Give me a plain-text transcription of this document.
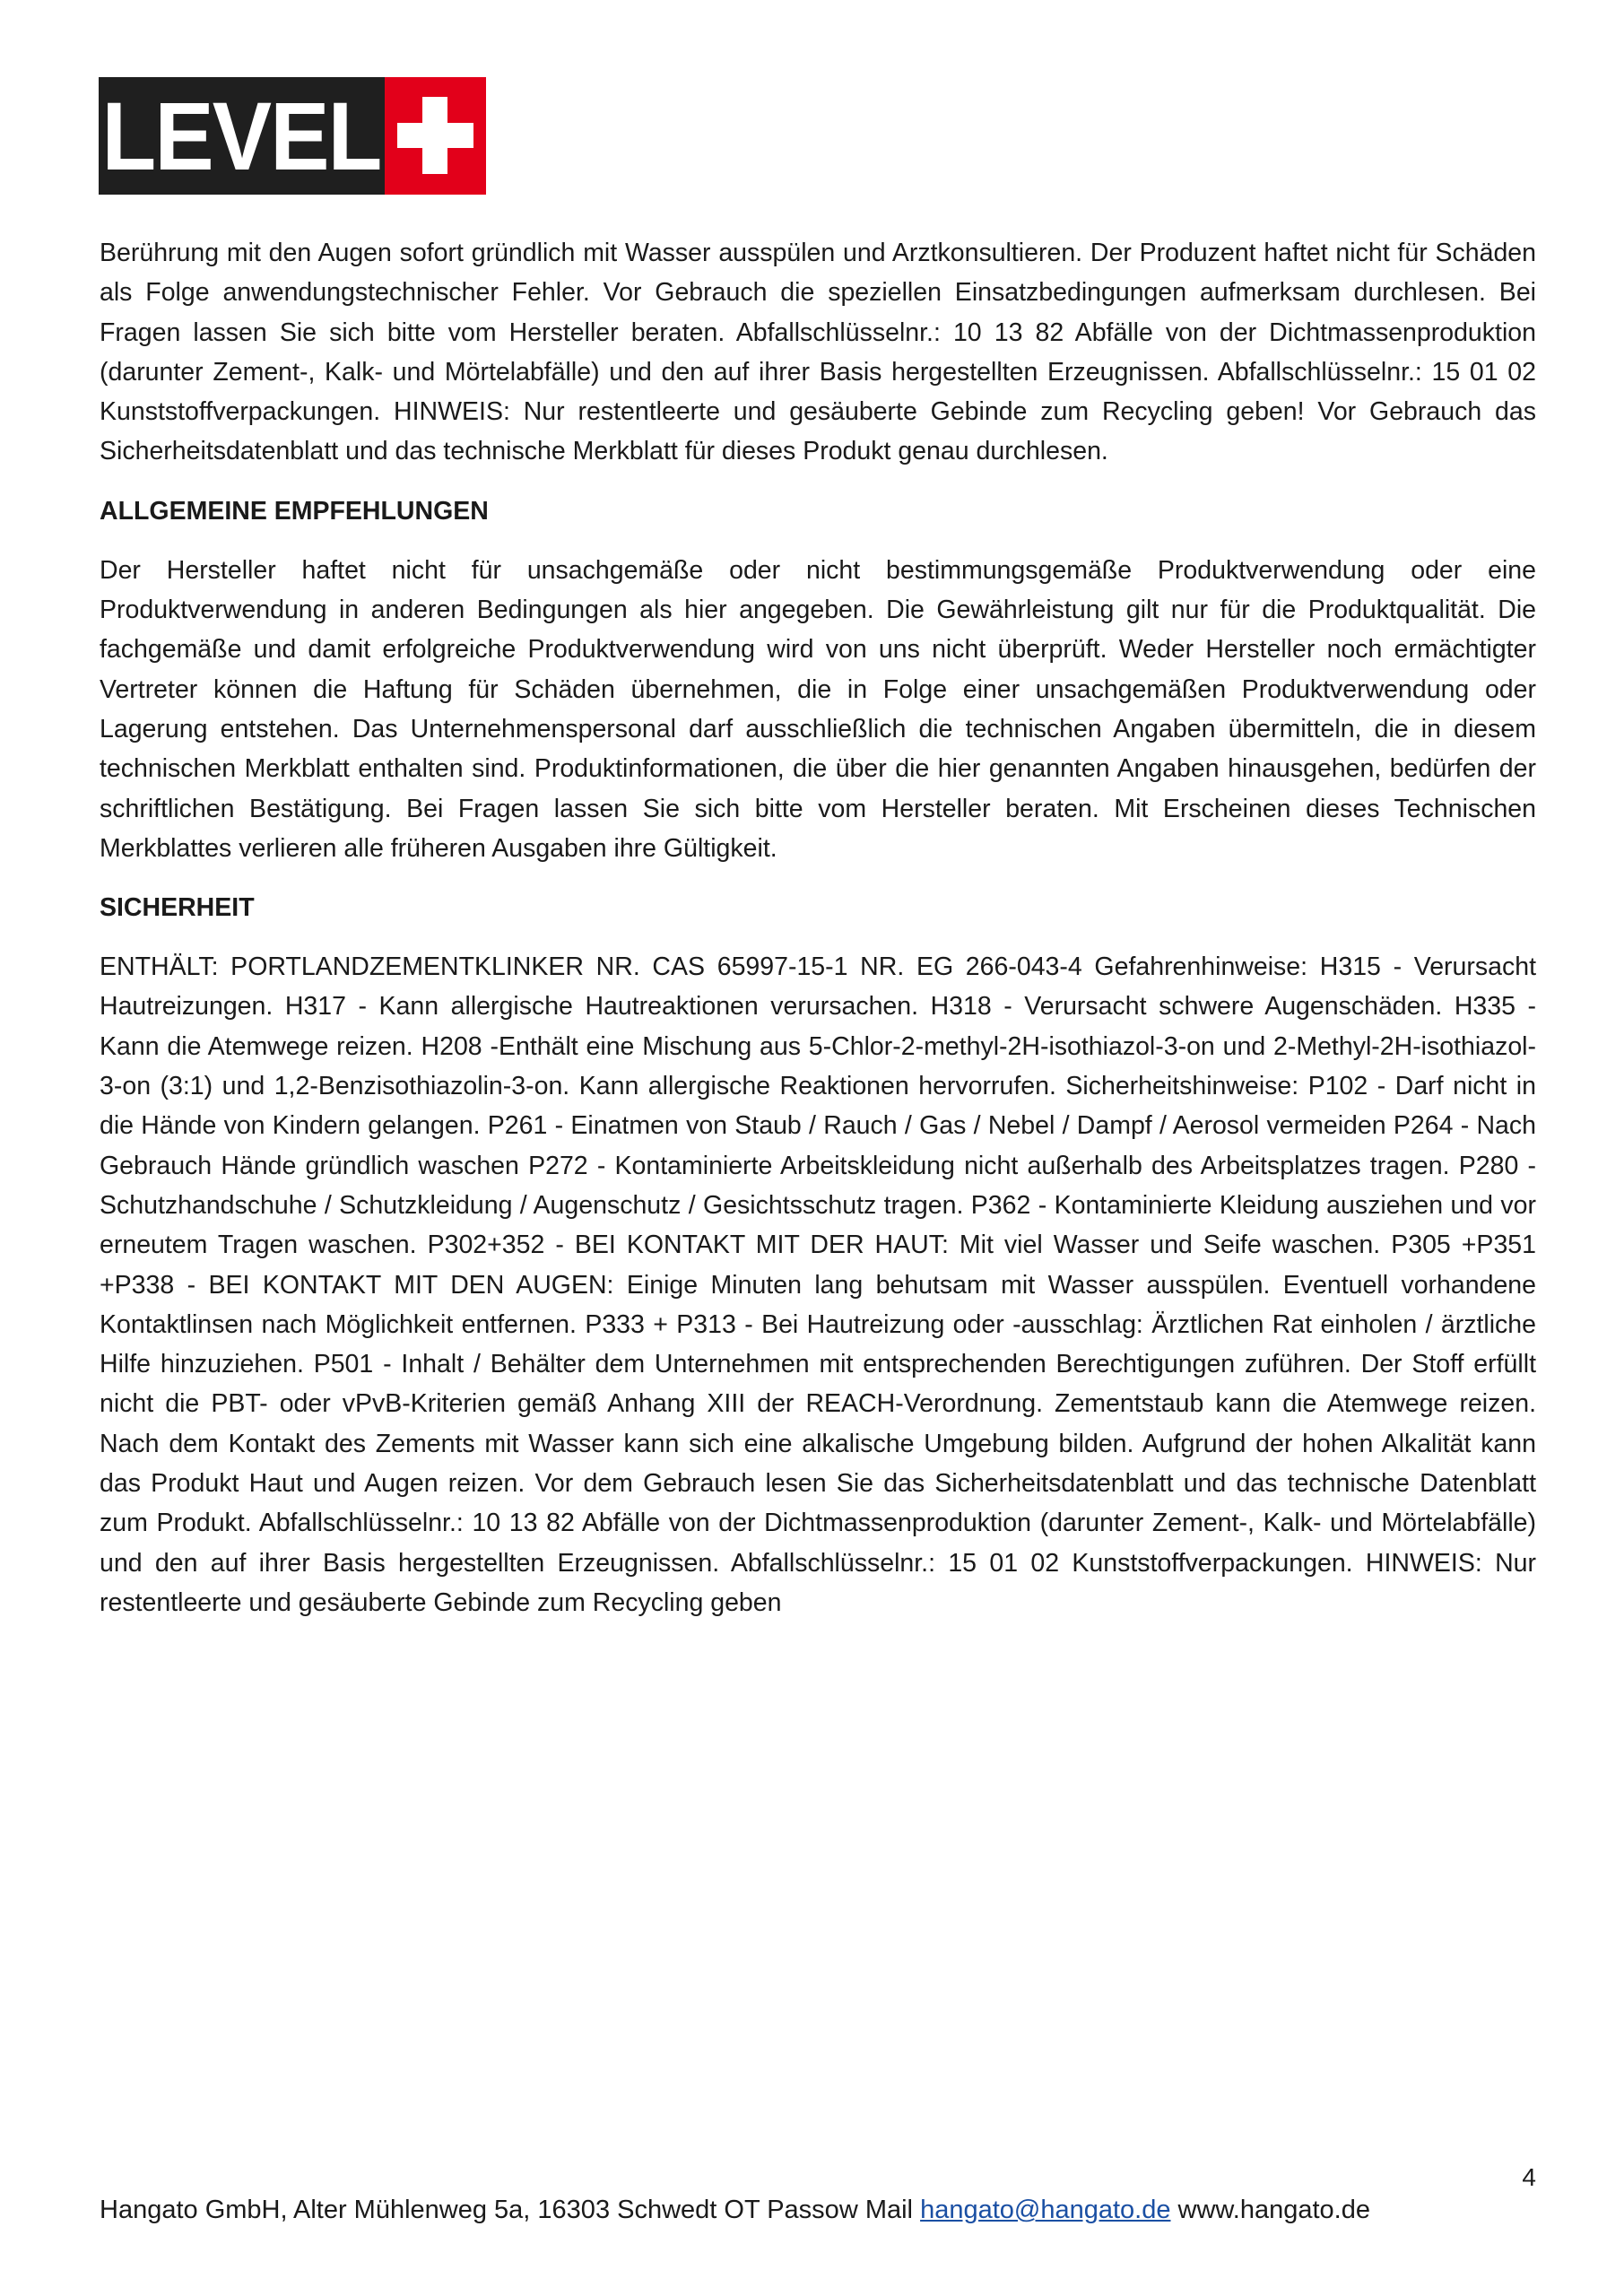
LEVEL

Berührung mit den Augen sofort gründlich mit Wasser ausspülen und Arztkonsultieren. Der Produzent haftet nicht für Schäden als Folge anwendungstechnischer Fehler. Vor Gebrauch die speziellen Einsatzbedingungen aufmerksam durchlesen. Bei Fragen lassen Sie sich bitte vom Hersteller beraten. Abfallschlüsselnr.: 10 13 82 Abfälle von der Dichtmassenproduktion (darunter Zement-, Kalk- und Mörtelabfälle) und den auf ihrer Basis hergestellten Erzeugnissen. Abfallschlüsselnr.: 15 01 02 Kunststoffverpackungen. HINWEIS: Nur restentleerte und gesäuberte Gebinde zum Recycling geben! Vor Gebrauch das Sicherheitsdatenblatt und das technische Merkblatt für dieses Produkt genau durchlesen.

ALLGEMEINE EMPFEHLUNGEN

Der Hersteller haftet nicht für unsachgemäße oder nicht bestimmungsgemäße Produktverwendung oder eine Produktverwendung in anderen Bedingungen als hier angegeben. Die Gewährleistung gilt nur für die Produktqualität. Die fachgemäße und damit erfolgreiche Produktverwendung wird von uns nicht überprüft. Weder Hersteller noch ermächtigter Vertreter können die Haftung für Schäden übernehmen, die in Folge einer unsachgemäßen Produktverwendung oder Lagerung entstehen. Das Unternehmenspersonal darf ausschließlich die technischen Angaben übermitteln, die in diesem technischen Merkblatt enthalten sind. Produktinformationen, die über die hier genannten Angaben hinausgehen, bedürfen der schriftlichen Bestätigung. Bei Fragen lassen Sie sich bitte vom Hersteller beraten. Mit Erscheinen dieses Technischen Merkblattes verlieren alle früheren Ausgaben ihre Gültigkeit.

SICHERHEIT

ENTHÄLT: PORTLANDZEMENTKLINKER NR. CAS 65997-15-1 NR. EG 266-043-4 Gefahrenhinweise: H315 - Verursacht Hautreizungen. H317 - Kann allergische Hautreaktionen verursachen. H318 - Verursacht schwere Augenschäden. H335 - Kann die Atemwege reizen. H208 -Enthält eine Mischung aus 5-Chlor-2-methyl-2H-isothiazol-3-on und 2-Methyl-2H-isothiazol-3-on (3:1) und 1,2-Benzisothiazolin-3-on. Kann allergische Reaktionen hervorrufen. Sicherheitshinweise: P102 - Darf nicht in die Hände von Kindern gelangen. P261 - Einatmen von Staub / Rauch / Gas / Nebel / Dampf / Aerosol vermeiden P264 - Nach Gebrauch Hände gründlich waschen P272 - Kontaminierte Arbeitskleidung nicht außerhalb des Arbeitsplatzes tragen. P280 - Schutzhandschuhe / Schutzkleidung / Augenschutz / Gesichtsschutz tragen. P362 - Kontaminierte Kleidung ausziehen und vor erneutem Tragen waschen. P302+352 - BEI KONTAKT MIT DER HAUT: Mit viel Wasser und Seife waschen. P305 +P351 +P338 - BEI KONTAKT MIT DEN AUGEN: Einige Minuten lang behutsam mit Wasser ausspülen. Eventuell vorhandene Kontaktlinsen nach Möglichkeit entfernen. P333 + P313 - Bei Hautreizung oder -ausschlag: Ärztlichen Rat einholen / ärztliche Hilfe hinzuziehen. P501 - Inhalt / Behälter dem Unternehmen mit entsprechenden Berechtigungen zuführen. Der Stoff erfüllt nicht die PBT- oder vPvB-Kriterien gemäß Anhang XIII der REACH-Verordnung. Zementstaub kann die Atemwege reizen. Nach dem Kontakt des Zements mit Wasser kann sich eine alkalische Umgebung bilden. Aufgrund der hohen Alkalität kann das Produkt Haut und Augen reizen. Vor dem Gebrauch lesen Sie das Sicherheitsdatenblatt und das technische Datenblatt zum Produkt. Abfallschlüsselnr.: 10 13 82 Abfälle von der Dichtmassenproduktion (darunter Zement-, Kalk- und Mörtelabfälle) und den auf ihrer Basis hergestellten Erzeugnissen. Abfallschlüsselnr.: 15 01 02 Kunststoffverpackungen. HINWEIS: Nur restentleerte und gesäuberte Gebinde zum Recycling geben

4
Hangato GmbH, Alter Mühlenweg 5a, 16303 Schwedt OT Passow Mail hangato@hangato.de www.hangato.de
